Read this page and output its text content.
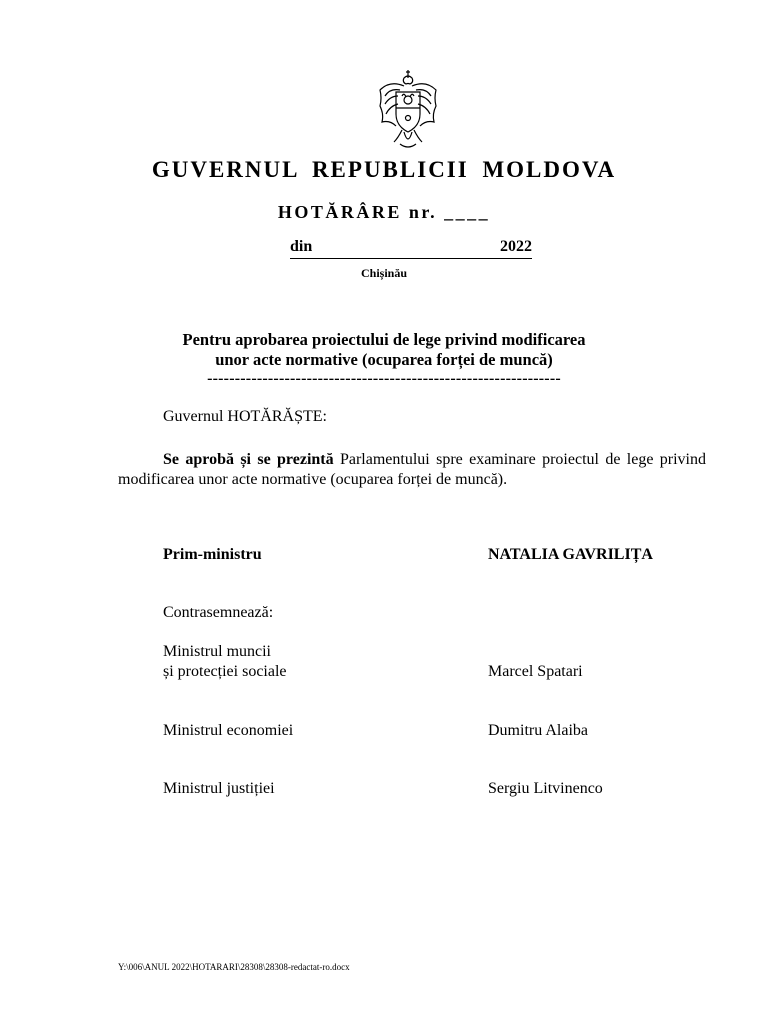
GUVERNUL REPUBLICII MOLDOVA
HOTĂRÂRE nr. ____
din	2022
Chișinău
Pentru aprobarea proiectului de lege privind modificarea
unor acte normative (ocuparea forței de muncă)
----------------------------------------------------------------
Guvernul HOTĂRĂȘTE:
Se aprobă și se prezintă Parlamentului spre examinare proiectul de lege privind modificarea unor acte normative (ocuparea forței de muncă).
Prim-ministru	NATALIA GAVRILIȚA
Contrasemnează:
Ministrul muncii
și protecției sociale	Marcel Spatari
Ministrul economiei	Dumitru Alaiba
Ministrul justiției	Sergiu Litvinenco
Y:\006\ANUL 2022\HOTARARI\28308\28308-redactat-ro.docx
